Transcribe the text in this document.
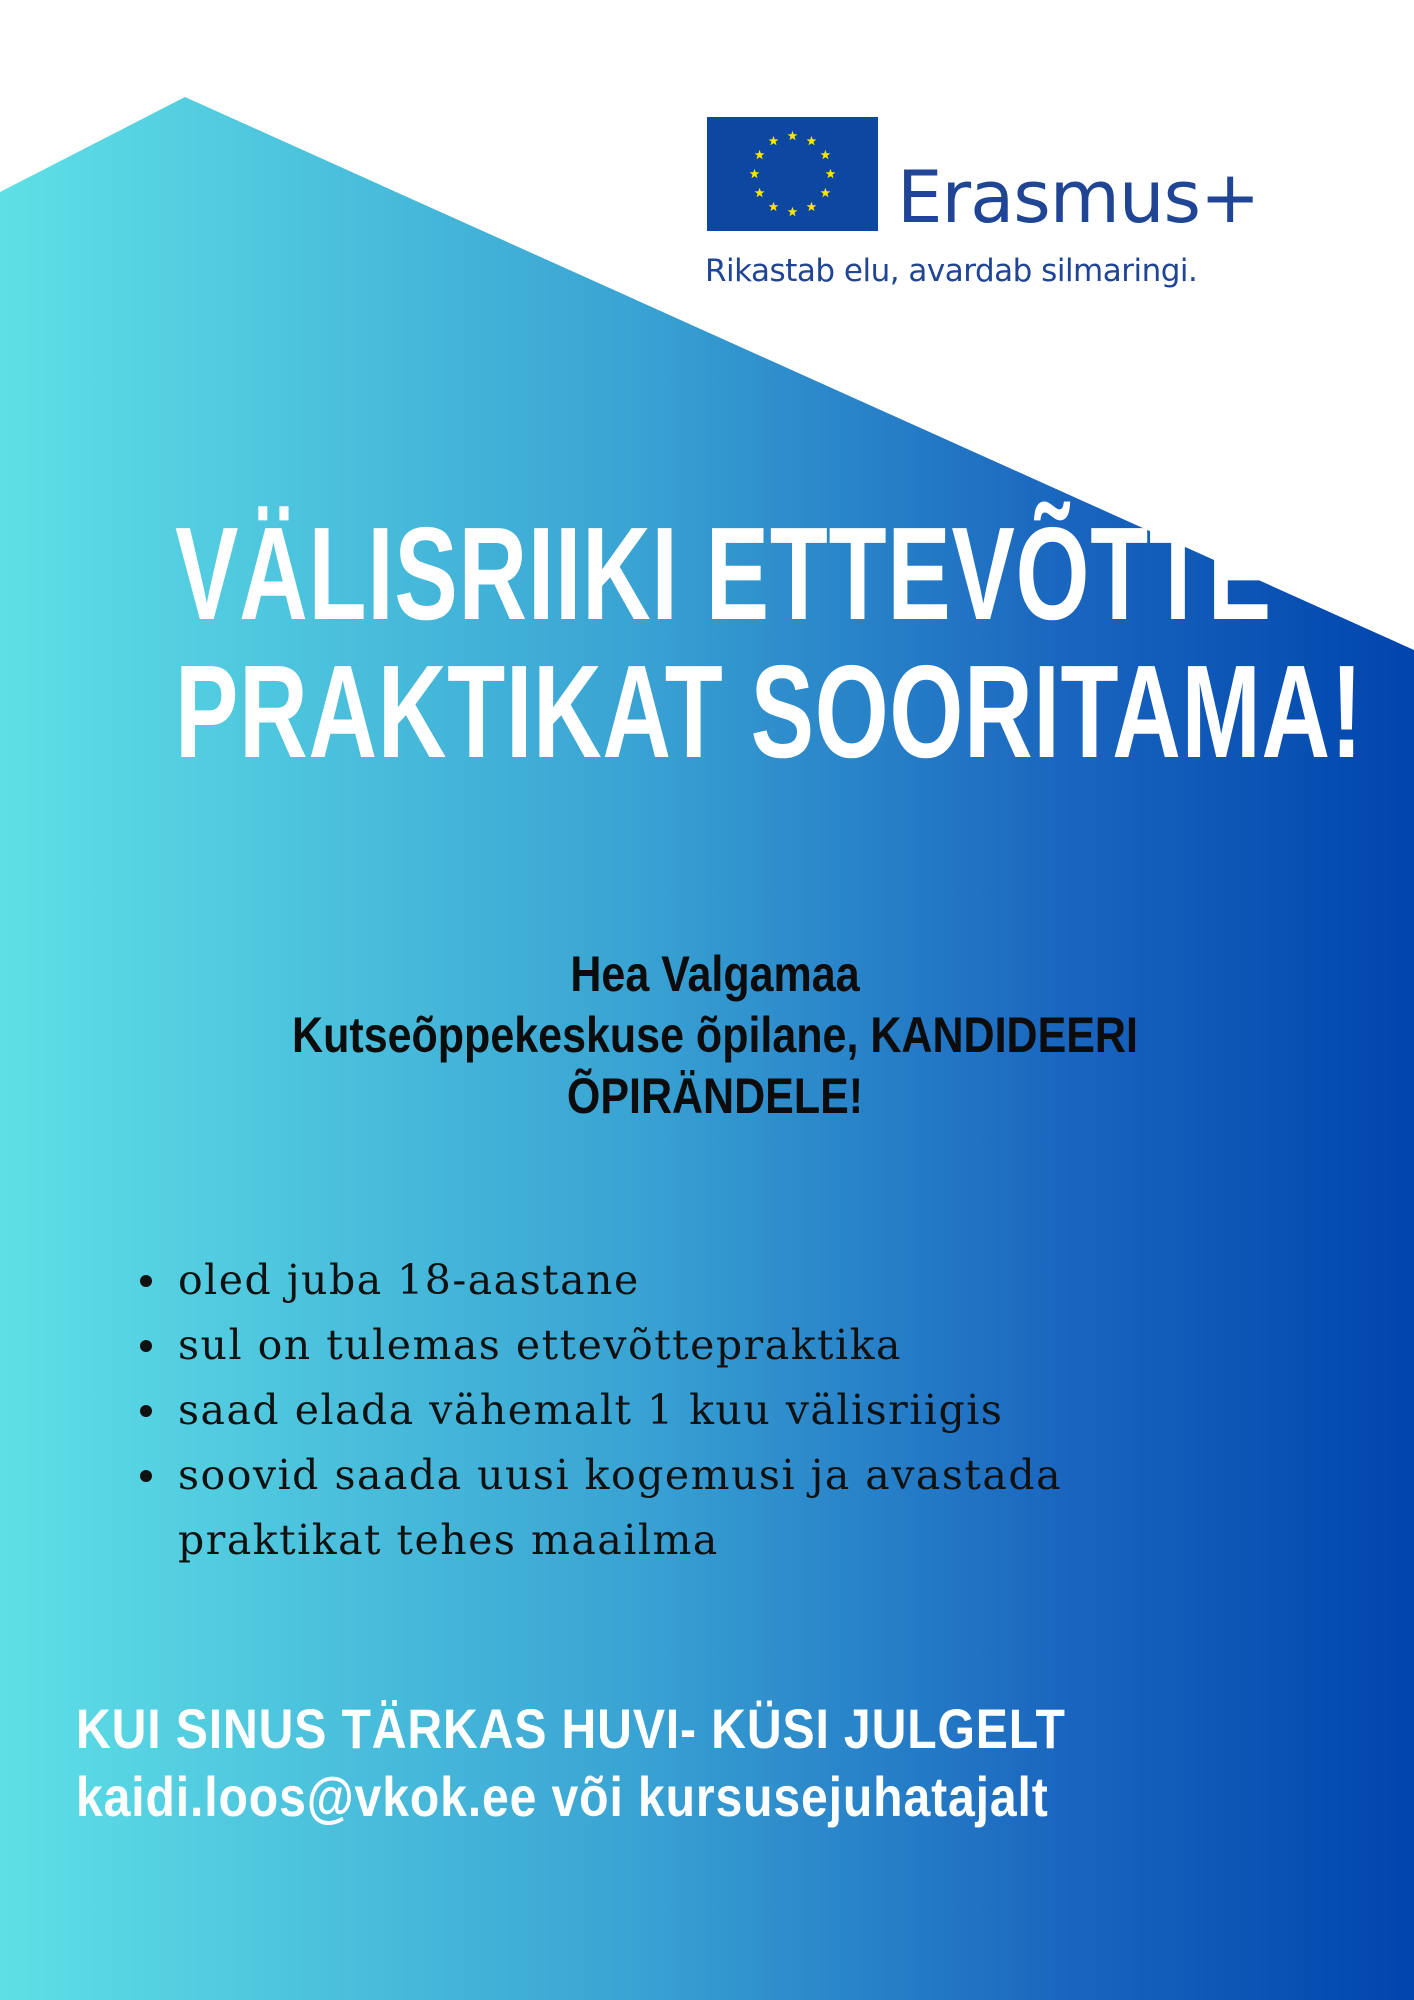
Erasmus+
Rikastab elu, avardab silmaringi.
VÄLISRIIKI ETTEVÕTTE
PRAKTIKAT SOORITAMA!
Hea Valgamaa
Kutseõppekeskuse õpilane, KANDIDEERI
ÕPIRÄNDELE!
oled juba 18-aastane
sul on tulemas ettevõttepraktika
saad elada vähemalt 1 kuu välisriigis
soovid saada uusi kogemusi ja avastada praktikat tehes maailma
KUI SINUS TÄRKAS HUVI- KÜSI JULGELT
kaidi.loos@vkok.ee või kursusejuhatajalt
